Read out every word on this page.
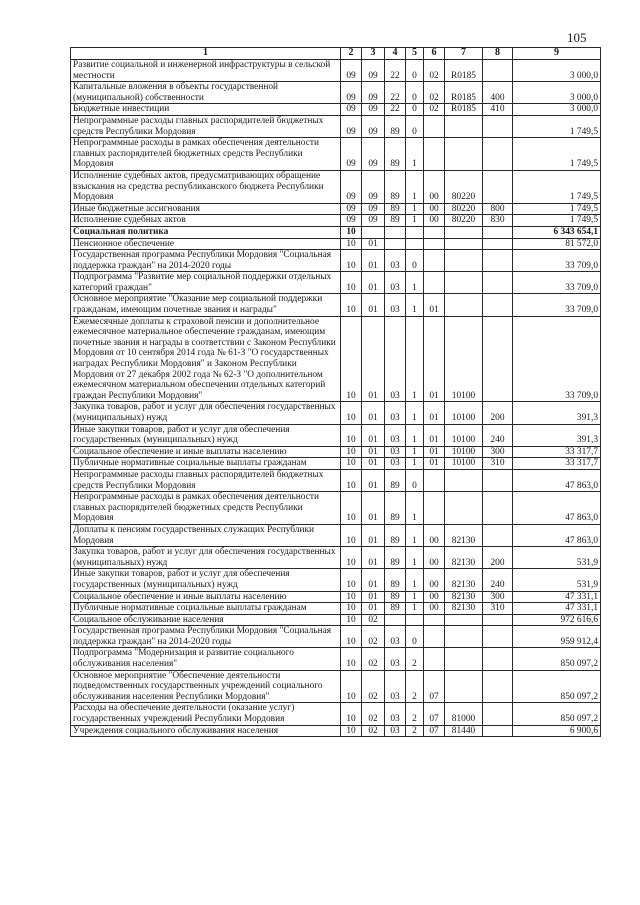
105
1	2	3	4	5	6	7	8	9
Развитие социальной и инженерной инфраструктуры в сельской местности	09	09	22	0	02	R0185		3 000,0
Капитальные вложения в объекты государственной (муниципальной) собственности	09	09	22	0	02	R0185	400	3 000,0
Бюджетные инвестиции	09	09	22	0	02	R0185	410	3 000,0
Непрограммные расходы главных распорядителей бюджетных средств Республики Мордовия	09	09	89	0				1 749,5
Непрограммные расходы в рамках обеспечения деятельности главных распорядителей бюджетных средств Республики Мордовия	09	09	89	1				1 749,5
Исполнение судебных актов, предусматривающих обращение взыскания на средства республиканского бюджета Республики Мордовия	09	09	89	1	00	80220		1 749,5
Иные бюджетные ассигнования	09	09	89	1	00	80220	800	1 749,5
Исполнение судебных актов	09	09	89	1	00	80220	830	1 749,5
Социальная политика	10							6 343 654,1
Пенсионное обеспечение	10	01						81 572,0
Государственная программа Республики Мордовия "Социальная поддержка граждан" на 2014-2020 годы	10	01	03	0				33 709,0
Подпрограмма "Развитие мер социальной поддержки отдельных категорий граждан"	10	01	03	1				33 709,0
Основное мероприятие "Оказание мер социальной поддержки гражданам, имеющим почетные звания и награды"	10	01	03	1	01			33 709,0
Ежемесячные доплаты к страховой пенсии и дополнительное ежемесячное материальное обеспечение гражданам, имеющим почетные звания и награды в соответствии с Законом Республики Мордовия от 10 сентября 2014 года № 61-З "О государственных наградах Республики Мордовия" и Законом Республики Мордовия от 27 декабря 2002 года № 62-З "О дополнительном ежемесячном материальном обеспечении отдельных категорий граждан Республики Мордовия"	10	01	03	1	01	10100		33 709,0
Закупка товаров, работ и услуг для обеспечения государственных (муниципальных) нужд	10	01	03	1	01	10100	200	391,3
Иные закупки товаров, работ и услуг для обеспечения государственных (муниципальных) нужд	10	01	03	1	01	10100	240	391,3
Социальное обеспечение и иные выплаты населению	10	01	03	1	01	10100	300	33 317,7
Публичные нормативные социальные выплаты гражданам	10	01	03	1	01	10100	310	33 317,7
Непрограммные расходы главных распорядителей бюджетных средств Республики Мордовия	10	01	89	0				47 863,0
Непрограммные расходы в рамках обеспечения деятельности главных распорядителей бюджетных средств Республики Мордовия	10	01	89	1				47 863,0
Доплаты к пенсиям государственных служащих Республики Мордовия	10	01	89	1	00	82130		47 863,0
Закупка товаров, работ и услуг для обеспечения государственных (муниципальных) нужд	10	01	89	1	00	82130	200	531,9
Иные закупки товаров, работ и услуг для обеспечения государственных (муниципальных) нужд	10	01	89	1	00	82130	240	531,9
Социальное обеспечение и иные выплаты населению	10	01	89	1	00	82130	300	47 331,1
Публичные нормативные социальные выплаты гражданам	10	01	89	1	00	82130	310	47 331,1
Социальное обслуживание населения	10	02						972 616,6
Государственная программа Республики Мордовия "Социальная поддержка граждан" на 2014-2020 годы	10	02	03	0				959 912,4
Подпрограмма "Модернизация и развитие социального обслуживания населения"	10	02	03	2				850 097,2
Основное мероприятие "Обеспечение деятельности подведомственных государственных учреждений социального обслуживания населения Республики Мордовия"	10	02	03	2	07			850 097,2
Расходы на обеспечение деятельности (оказание услуг) государственных учреждений Республики Мордовия	10	02	03	2	07	81000		850 097,2
Учреждения социального обслуживания населения	10	02	03	2	07	81440		6 900,6
